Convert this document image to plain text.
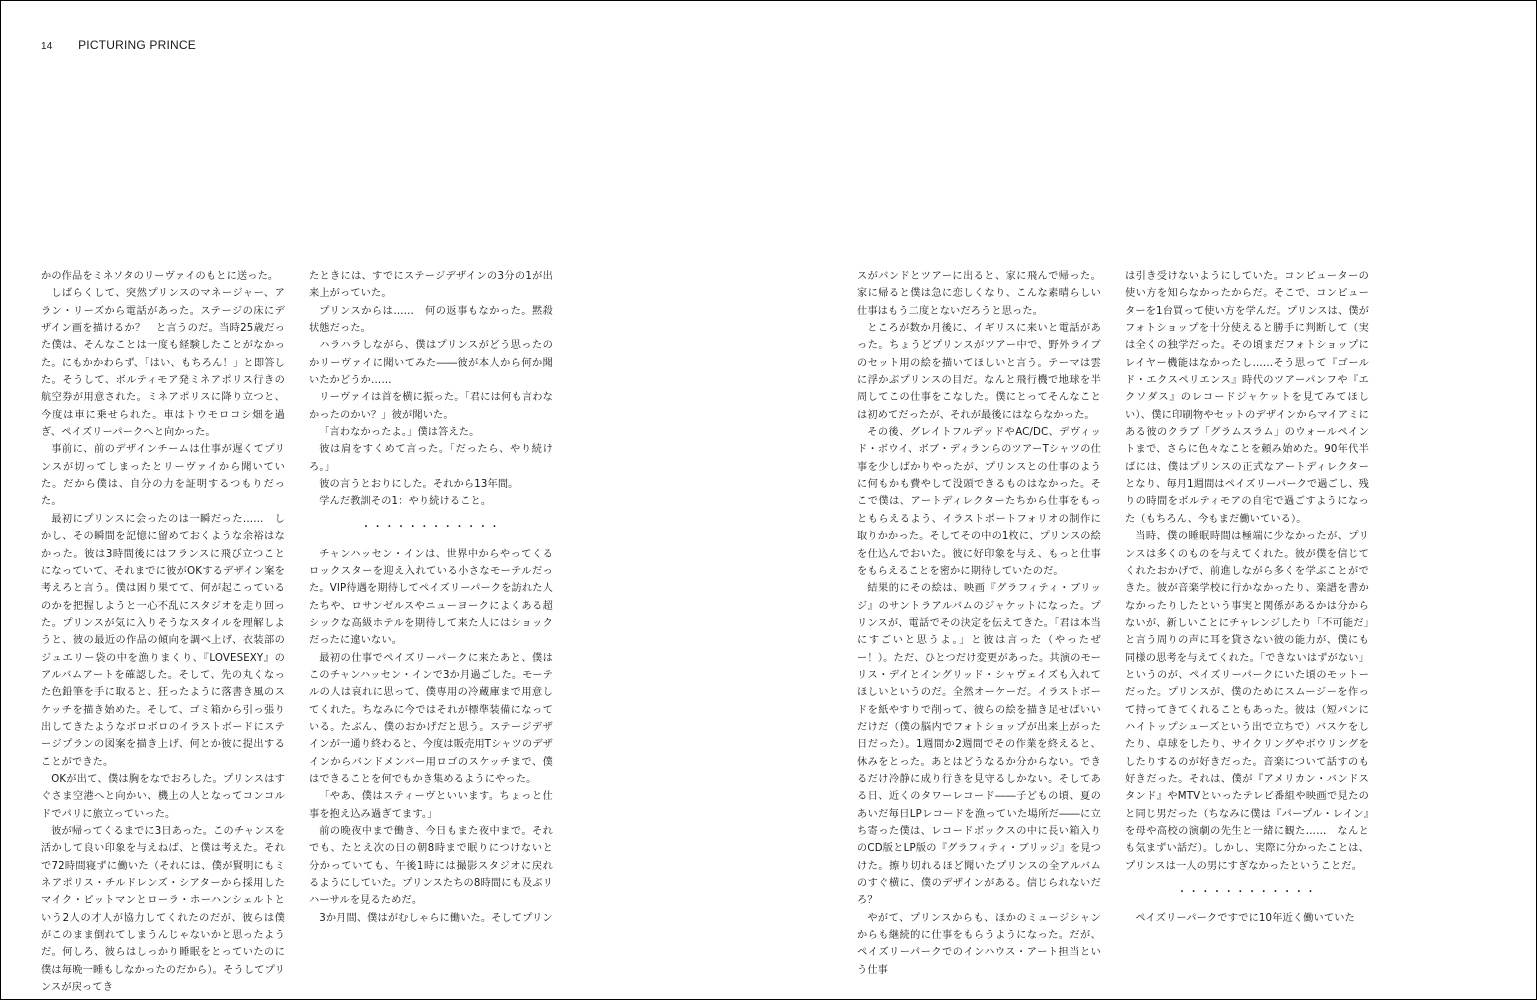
14 PICTURING PRINCE

かの作品をミネソタのリーヴァイのもとに送った。

しばらくして、突然プリンスのマネージャー、アラン・リーズから電話があった。ステージの床にデザイン画を描けるか？　と言うのだ。当時25歳だった僕は、そんなことは一度も経験したことがなかった。にもかかわらず、「はい、もちろん！」と即答した。そうして、ボルティモア発ミネアポリス行きの航空券が用意された。ミネアポリスに降り立つと、今度は車に乗せられた。車はトウモロコシ畑を過ぎ、ペイズリーパークへと向かった。

事前に、前のデザインチームは仕事が遅くてプリンスが切ってしまったとリーヴァイから聞いていた。だから僕は、自分の力を証明するつもりだった。

最初にプリンスに会ったのは一瞬だった……　しかし、その瞬間を記憶に留めておくような余裕はなかった。彼は3時間後にはフランスに飛び立つことになっていて、それまでに彼がOKするデザイン案を考えろと言う。僕は困り果てて、何が起こっているのかを把握しようと一心不乱にスタジオを走り回った。プリンスが気に入りそうなスタイルを理解しようと、彼の最近の作品の傾向を調べ上げ、衣装部のジュエリー袋の中を漁りまくり、『LOVESEXY』のアルバムアートを確認した。そして、先の丸くなった色鉛筆を手に取ると、狂ったように落書き風のスケッチを描き始めた。そして、ゴミ箱から引っ張り出してきたようなボロボロのイラストボードにステージプランの図案を描き上げ、何とか彼に提出することができた。

OKが出て、僕は胸をなでおろした。プリンスはすぐさま空港へと向かい、機上の人となってコンコルドでパリに旅立っていった。

彼が帰ってくるまでに3日あった。このチャンスを活かして良い印象を与えねば、と僕は考えた。それで72時間寝ずに働いた（それには、僕が賢明にもミネアポリス・チルドレンズ・シアターから採用したマイク・ピットマンとローラ・ホーハンシェルトという2人の才人が協力してくれたのだが、彼らは僕がこのまま倒れてしまうんじゃないかと思ったようだ。何しろ、彼らはしっかり睡眠をとっていたのに僕は毎晩一睡もしなかったのだから）。そうしてプリンスが戻ってき

たときには、すでにステージデザインの3分の1が出来上がっていた。

プリンスからは……　何の返事もなかった。黙殺状態だった。

ハラハラしながら、僕はプリンスがどう思ったのかリーヴァイに聞いてみた――彼が本人から何か聞いたかどうか……

リーヴァイは首を横に振った。「君には何も言わなかったのかい？」彼が聞いた。

「言わなかったよ。」僕は答えた。

彼は肩をすくめて言った。「だったら、やり続けろ。」

彼の言うとおりにした。それから13年間。

学んだ教訓その1：やり続けること。

・・・・・・・・・・・・

チャンハッセン・インは、世界中からやってくるロックスターを迎え入れている小さなモーテルだった。VIP待遇を期待してペイズリーパークを訪れた人たちや、ロサンゼルスやニューヨークによくある超シックな高級ホテルを期待して来た人にはショックだったに違いない。

最初の仕事でペイズリーパークに来たあと、僕はこのチャンハッセン・インで3か月過ごした。モーテルの人は哀れに思って、僕専用の冷蔵庫まで用意してくれた。ちなみに今ではそれが標準装備になっている。たぶん、僕のおかげだと思う。ステージデザインが一通り終わると、今度は販売用Tシャツのデザインからバンドメンバー用ロゴのスケッチまで、僕はできることを何でもかき集めるようにやった。

「やあ、僕はスティーヴといいます。ちょっと仕事を抱え込み過ぎてます。」

前の晩夜中まで働き、今日もまた夜中まで。それでも、たとえ次の日の朝8時まで眠りにつけないと分かっていても、午後1時には撮影スタジオに戻れるようにしていた。プリンスたちの8時間にも及ぶリハーサルを見るためだ。

3か月間、僕はがむしゃらに働いた。そしてプリン

スがバンドとツアーに出ると、家に飛んで帰った。家に帰ると僕は急に恋しくなり、こんな素晴らしい仕事はもう二度とないだろうと思った。

ところが数か月後に、イギリスに来いと電話があった。ちょうどプリンスがツアー中で、野外ライブのセット用の絵を描いてほしいと言う。テーマは雲に浮かぶプリンスの目だ。なんと飛行機で地球を半周してこの仕事をこなした。僕にとってそんなことは初めてだったが、それが最後にはならなかった。

その後、グレイトフルデッドやAC/DC、デヴィッド・ボウイ、ボブ・ディランらのツアーTシャツの仕事を少しばかりやったが、プリンスとの仕事のように何もかも費やして没頭できるものはなかった。そこで僕は、アートディレクターたちから仕事をもっともらえるよう、イラストポートフォリオの制作に取りかかった。そしてその中の1枚に、プリンスの絵を仕込んでおいた。彼に好印象を与え、もっと仕事をもらえることを密かに期待していたのだ。

結果的にその絵は、映画『グラフィティ・ブリッジ』のサントラアルバムのジャケットになった。プリンスが、電話でその決定を伝えてきた。「君は本当にすごいと思うよ。」と彼は言った（やったぜー！）。ただ、ひとつだけ変更があった。共演のモーリス・デイとイングリッド・シャヴェイズも入れてほしいというのだ。全然オーケーだ。イラストボードを紙やすりで削って、彼らの絵を描き足せばいいだけだ（僕の脳内でフォトショップが出来上がった日だった）。1週間か2週間でその作業を終えると、休みをとった。あとはどうなるか分からない。できるだけ冷静に成り行きを見守るしかない。そしてある日、近くのタワーレコード――子どもの頃、夏のあいだ毎日LPレコードを漁っていた場所だ――に立ち寄った僕は、レコードボックスの中に長い箱入りのCD版とLP版の『グラフィティ・ブリッジ』を見つけた。擦り切れるほど聞いたプリンスの全アルバムのすぐ横に、僕のデザインがある。信じられないだろ？

やがて、プリンスからも、ほかのミュージシャンからも継続的に仕事をもらうようになった。だが、ペイズリーパークでのインハウス・アート担当という仕事

は引き受けないようにしていた。コンピューターの使い方を知らなかったからだ。そこで、コンピューターを1台買って使い方を学んだ。プリンスは、僕がフォトショップを十分使えると勝手に判断して（実は全くの独学だった。その頃まだフォトショップにレイヤー機能はなかったし……そう思って『ゴールド・エクスペリエンス』時代のツアーパンフや『エクソダス』のレコードジャケットを見てみてほしい）、僕に印刷物やセットのデザインからマイアミにある彼のクラブ「グラムスラム」のウォールペイントまで、さらに色々なことを頼み始めた。90年代半ばには、僕はプリンスの正式なアートディレクターとなり、毎月1週間はペイズリーパークで過ごし、残りの時間をボルティモアの自宅で過ごすようになった（もちろん、今もまだ働いている）。

当時、僕の睡眠時間は極端に少なかったが、プリンスは多くのものを与えてくれた。彼が僕を信じてくれたおかげで、前進しながら多くを学ぶことができた。彼が音楽学校に行かなかったり、楽譜を書かなかったりしたという事実と関係があるかは分からないが、新しいことにチャレンジしたり「不可能だ」と言う周りの声に耳を貸さない彼の能力が、僕にも同様の思考を与えてくれた。「できないはずがない」というのが、ペイズリーパークにいた頃のモットーだった。プリンスが、僕のためにスムージーを作って持ってきてくれることもあった。彼は（短パンにハイトップシューズという出で立ちで）バスケをしたり、卓球をしたり、サイクリングやボウリングをしたりするのが好きだった。音楽について話すのも好きだった。それは、僕が『アメリカン・バンドスタンド』やMTVといったテレビ番組や映画で見たのと同じ男だった（ちなみに僕は『パープル・レイン』を母や高校の演劇の先生と一緒に観た……　なんとも気まずい話だ）。しかし、実際に分かったことは、プリンスは一人の男にすぎなかったということだ。

・・・・・・・・・・・・

ペイズリーパークですでに10年近く働いていた
